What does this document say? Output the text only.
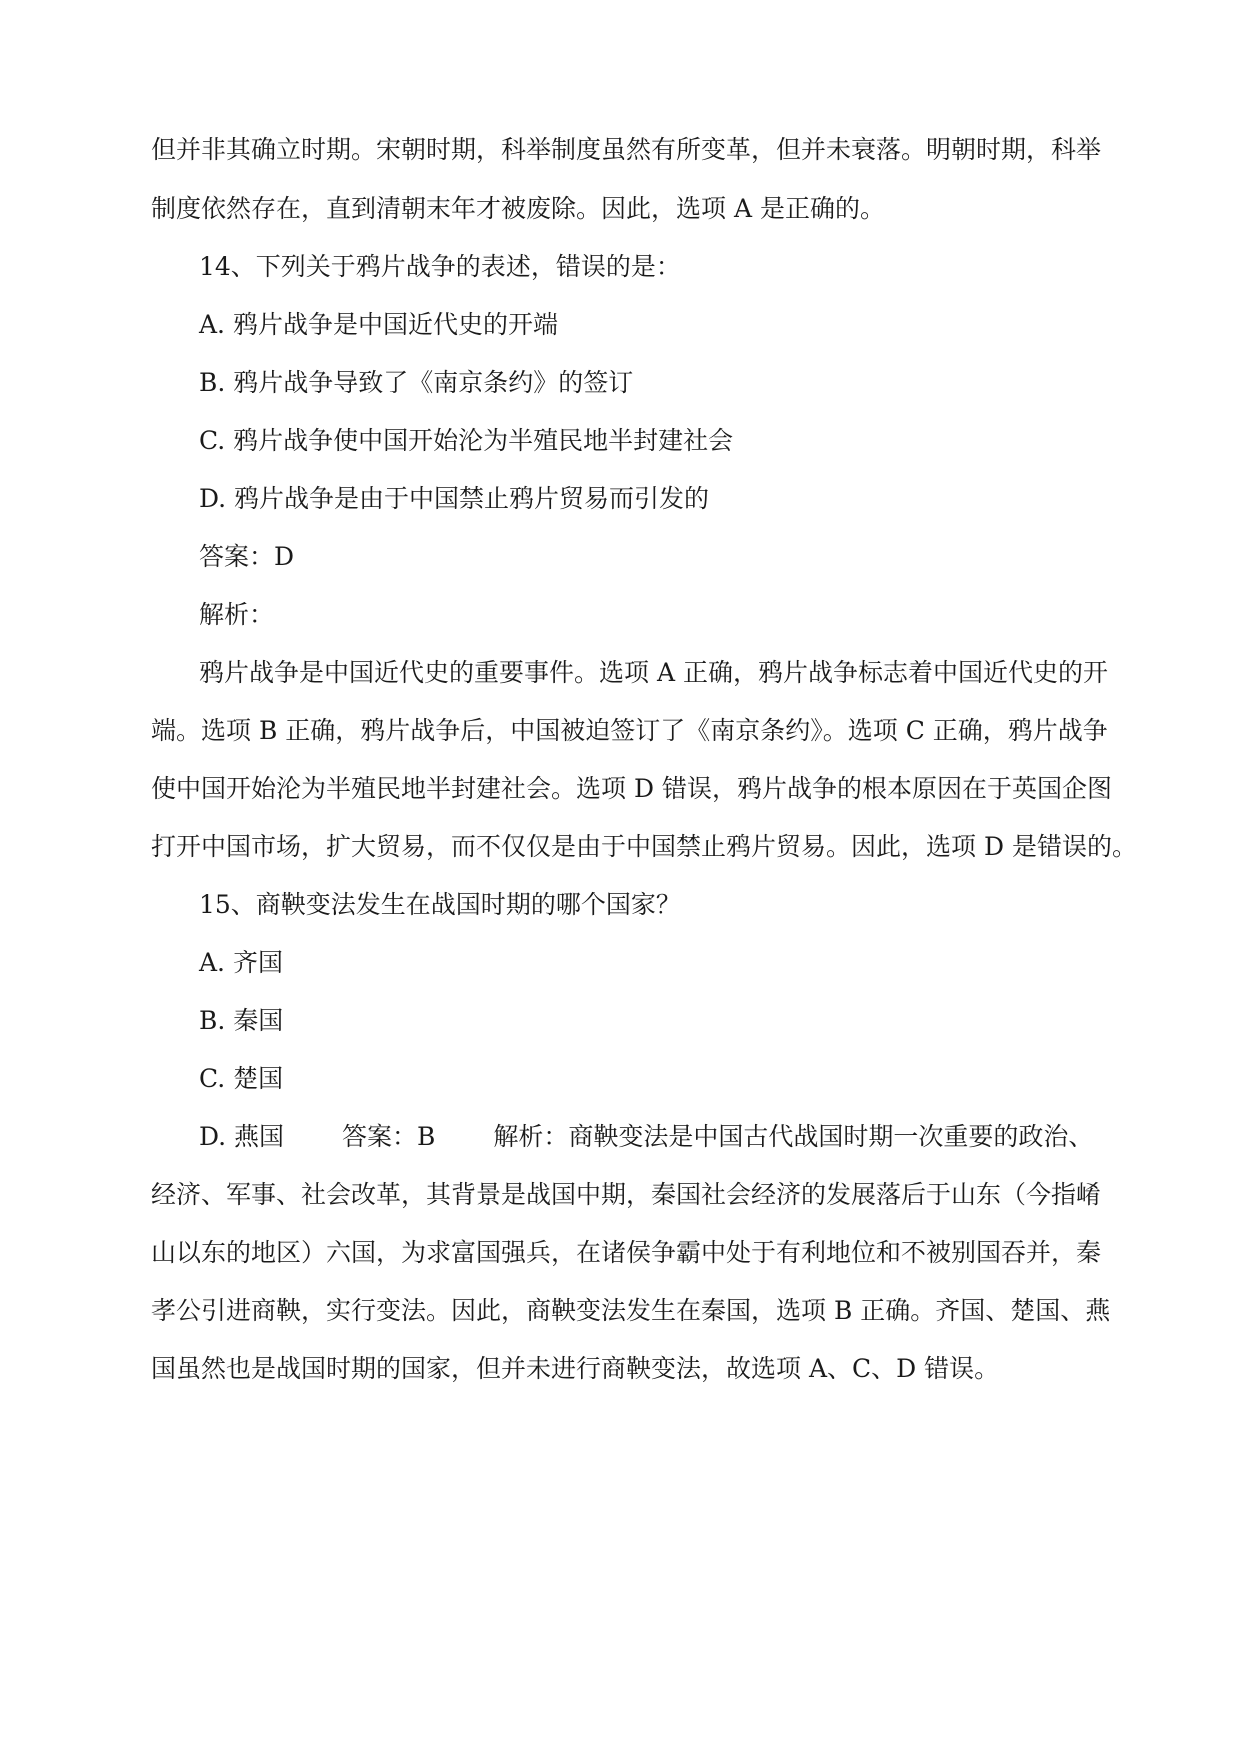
但并非其确立时期。宋朝时期，科举制度虽然有所变革，但并未衰落。明朝时期，科举
制度依然存在，直到清朝末年才被废除。因此，选项 A 是正确的。
14、下列关于鸦片战争的表述，错误的是：
A. 鸦片战争是中国近代史的开端
B. 鸦片战争导致了《南京条约》的签订
C. 鸦片战争使中国开始沦为半殖民地半封建社会
D. 鸦片战争是由于中国禁止鸦片贸易而引发的
答案：D
解析：
鸦片战争是中国近代史的重要事件。选项 A 正确，鸦片战争标志着中国近代史的开
端。选项 B 正确，鸦片战争后，中国被迫签订了《南京条约》。选项 C 正确，鸦片战争
使中国开始沦为半殖民地半封建社会。选项 D 错误，鸦片战争的根本原因在于英国企图
打开中国市场，扩大贸易，而不仅仅是由于中国禁止鸦片贸易。因此，选项 D 是错误的。
15、商鞅变法发生在战国时期的哪个国家？
A. 齐国
B. 秦国
C. 楚国
D. 燕国 答案：B 解析：商鞅变法是中国古代战国时期一次重要的政治、
经济、军事、社会改革，其背景是战国中期，秦国社会经济的发展落后于山东（今指崤
山以东的地区）六国，为求富国强兵，在诸侯争霸中处于有利地位和不被别国吞并，秦
孝公引进商鞅，实行变法。因此，商鞅变法发生在秦国，选项 B 正确。齐国、楚国、燕
国虽然也是战国时期的国家，但并未进行商鞅变法，故选项 A、C、D 错误。
